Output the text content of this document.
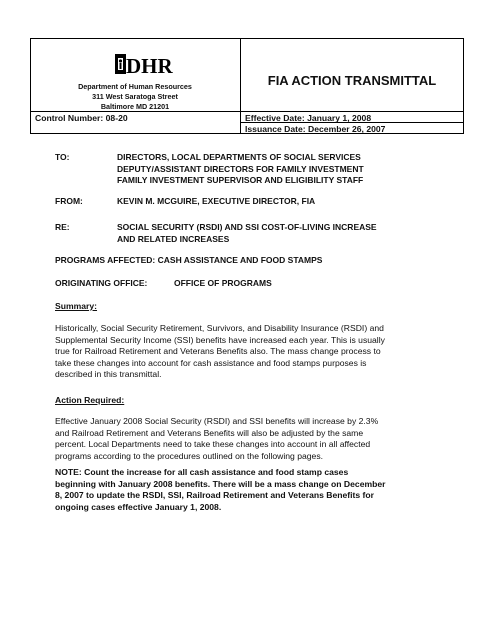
DHR
Department of Human Resources
311 West Saratoga Street
Baltimore MD 21201
FIA ACTION TRANSMITTAL
Control Number: 08-20	Effective Date: January 1, 2008
Issuance Date: December 26, 2007
TO:	DIRECTORS, LOCAL DEPARTMENTS OF SOCIAL SERVICES
DEPUTY/ASSISTANT DIRECTORS FOR FAMILY INVESTMENT
FAMILY INVESTMENT SUPERVISOR AND ELIGIBILITY STAFF
FROM:	KEVIN M. MCGUIRE, EXECUTIVE DIRECTOR, FIA
RE:	SOCIAL SECURITY (RSDI) AND SSI COST-OF-LIVING INCREASE
AND RELATED INCREASES
PROGRAMS AFFECTED: CASH ASSISTANCE AND FOOD STAMPS
ORIGINATING OFFICE:	OFFICE OF PROGRAMS
Summary:
Historically, Social Security Retirement, Survivors, and Disability Insurance (RSDI) and
Supplemental Security Income (SSI) benefits have increased each year. This is usually
true for Railroad Retirement and Veterans Benefits also. The mass change process to
take these changes into account for cash assistance and food stamps purposes is
described in this transmittal.
Action Required:
Effective January 2008 Social Security (RSDI) and SSI benefits will increase by 2.3%
and Railroad Retirement and Veterans Benefits will also be adjusted by the same
percent. Local Departments need to take these changes into account in all affected
programs according to the procedures outlined on the following pages.
NOTE: Count the increase for all cash assistance and food stamp cases
beginning with January 2008 benefits. There will be a mass change on December
8, 2007 to update the RSDI, SSI, Railroad Retirement and Veterans Benefits for
ongoing cases effective January 1, 2008.
